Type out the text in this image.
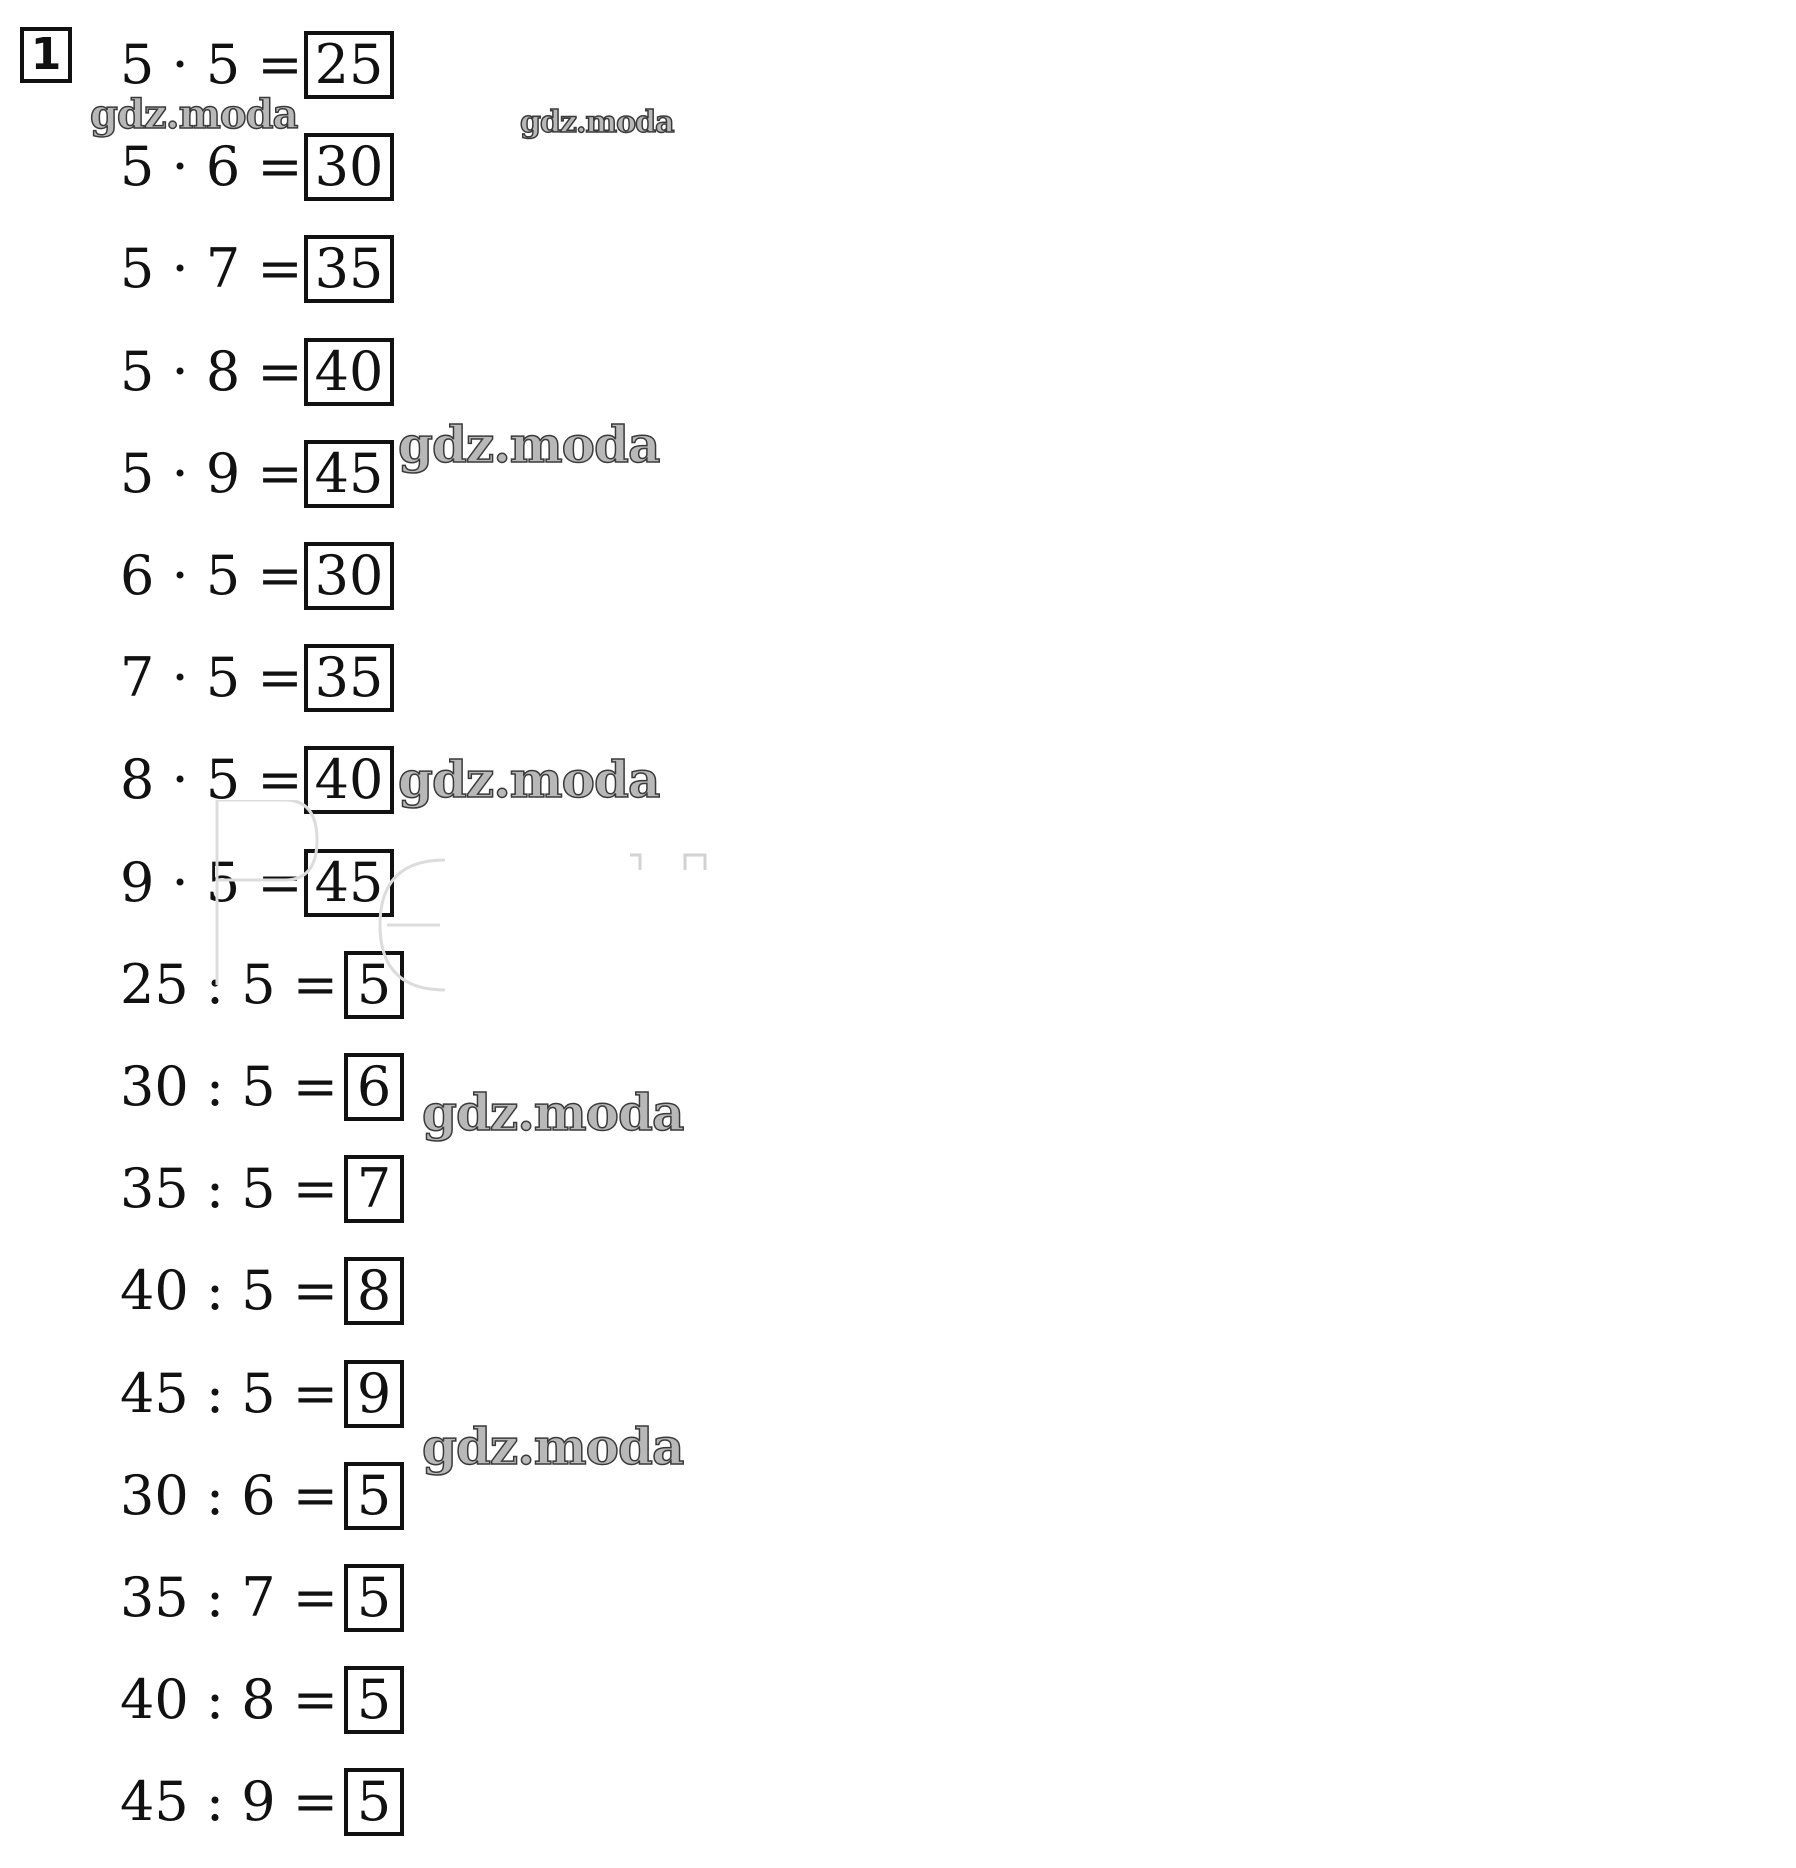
1 5 · 5 = 25
5 · 6 = 30
5 · 7 = 35
5 · 8 = 40
5 · 9 = 45
6 · 5 = 30
7 · 5 = 35
8 · 5 = 40
9 · 5 = 45
25 : 5 = 5
30 : 5 = 6
35 : 5 = 7
40 : 5 = 8
45 : 5 = 9
30 : 6 = 5
35 : 7 = 5
40 : 8 = 5
45 : 9 = 5
gdz.moda	gdz.moda
gdz.moda
gdz.moda
gdz.moda
gdz.moda
